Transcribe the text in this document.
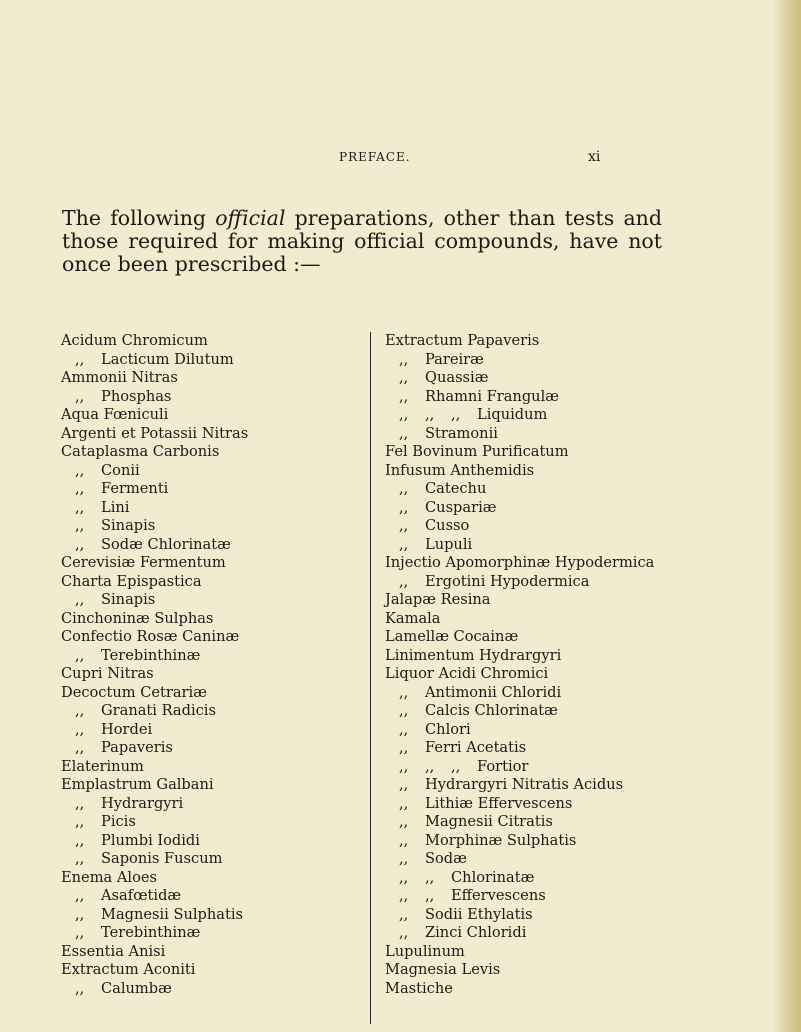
PREFACE.	xi

The following official preparations, other than tests and those required for making official compounds, have not once been prescribed :—

Acidum Chromicum
,, Lacticum Dilutum
Ammonii Nitras
,, Phosphas
Aqua Fœniculi
Argenti et Potassii Nitras
Cataplasma Carbonis
,, Conii
,, Fermenti
,, Lini
,, Sinapis
,, Sodæ Chlorinatæ
Cerevisiæ Fermentum
Charta Epispastica
,, Sinapis
Cinchoninæ Sulphas
Confectio Rosæ Caninæ
,, Terebinthinæ
Cupri Nitras
Decoctum Cetrariæ
,, Granati Radicis
,, Hordei
,, Papaveris
Elaterinum
Emplastrum Galbani
,, Hydrargyri
,, Picis
,, Plumbi Iodidi
,, Saponis Fuscum
Enema Aloes
,, Asafœtidæ
,, Magnesii Sulphatis
,, Terebinthinæ
Essentia Anisi
Extractum Aconiti
,, Calumbæ
Extractum Papaveris
,, Pareiræ
,, Quassiæ
,, Rhamni Frangulæ
,, ,, ,, Liquidum
,, Stramonii
Fel Bovinum Purificatum
Infusum Anthemidis
,, Catechu
,, Cuspariæ
,, Cusso
,, Lupuli
Injectio Apomorphinæ Hypodermica
,, Ergotini Hypodermica
Jalapæ Resina
Kamala
Lamellæ Cocainæ
Linimentum Hydrargyri
Liquor Acidi Chromici
,, Antimonii Chloridi
,, Calcis Chlorinatæ
,, Chlori
,, Ferri Acetatis
,, ,, ,, Fortior
,, Hydrargyri Nitratis Acidus
,, Lithiæ Effervescens
,, Magnesii Citratis
,, Morphinæ Sulphatis
,, Sodæ
,, ,, Chlorinatæ
,, ,, Effervescens
,, Sodii Ethylatis
,, Zinci Chloridi
Lupulinum
Magnesia Levis
Mastiche
